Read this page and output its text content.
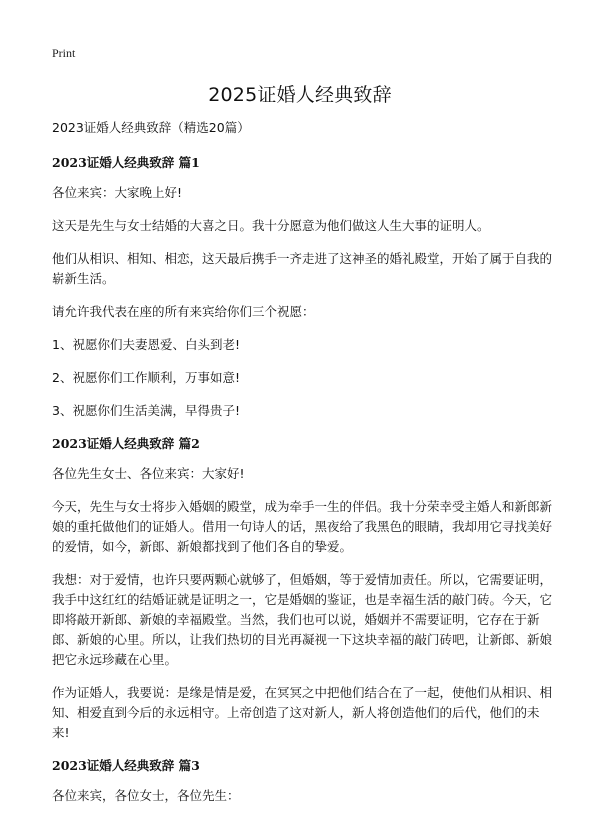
Print
2025证婚人经典致辞

2023证婚人经典致辞（精选20篇）

2023证婚人经典致辞 篇1

各位来宾：大家晚上好!

这天是先生与女士结婚的大喜之日。我十分愿意为他们做这人生大事的证明人。

他们从相识、相知、相恋，这天最后携手一齐走进了这神圣的婚礼殿堂，开始了属于自我的崭新生活。

请允许我代表在座的所有来宾给你们三个祝愿：

1、祝愿你们夫妻恩爱、白头到老!

2、祝愿你们工作顺利，万事如意!

3、祝愿你们生活美满，早得贵子!

2023证婚人经典致辞 篇2

各位先生女士、各位来宾：大家好!

今天，先生与女士将步入婚姻的殿堂，成为牵手一生的伴侣。我十分荣幸受主婚人和新郎新娘的重托做他们的证婚人。借用一句诗人的话，黑夜给了我黑色的眼睛，我却用它寻找美好的爱情，如今，新郎、新娘都找到了他们各自的挚爱。

我想：对于爱情，也许只要两颗心就够了，但婚姻，等于爱情加责任。所以，它需要证明，我手中这红红的结婚证就是证明之一，它是婚姻的鉴证，也是幸福生活的敲门砖。今天，它即将敲开新郎、新娘的幸福殿堂。当然，我们也可以说，婚姻并不需要证明，它存在于新郎、新娘的心里。所以，让我们热切的目光再凝视一下这块幸福的敲门砖吧，让新郎、新娘把它永远珍藏在心里。

作为证婚人，我要说：是缘是情是爱，在冥冥之中把他们结合在了一起，使他们从相识、相知、相爱直到今后的永远相守。上帝创造了这对新人，新人将创造他们的后代，他们的未来!

2023证婚人经典致辞 篇3

各位来宾，各位女士，各位先生：
